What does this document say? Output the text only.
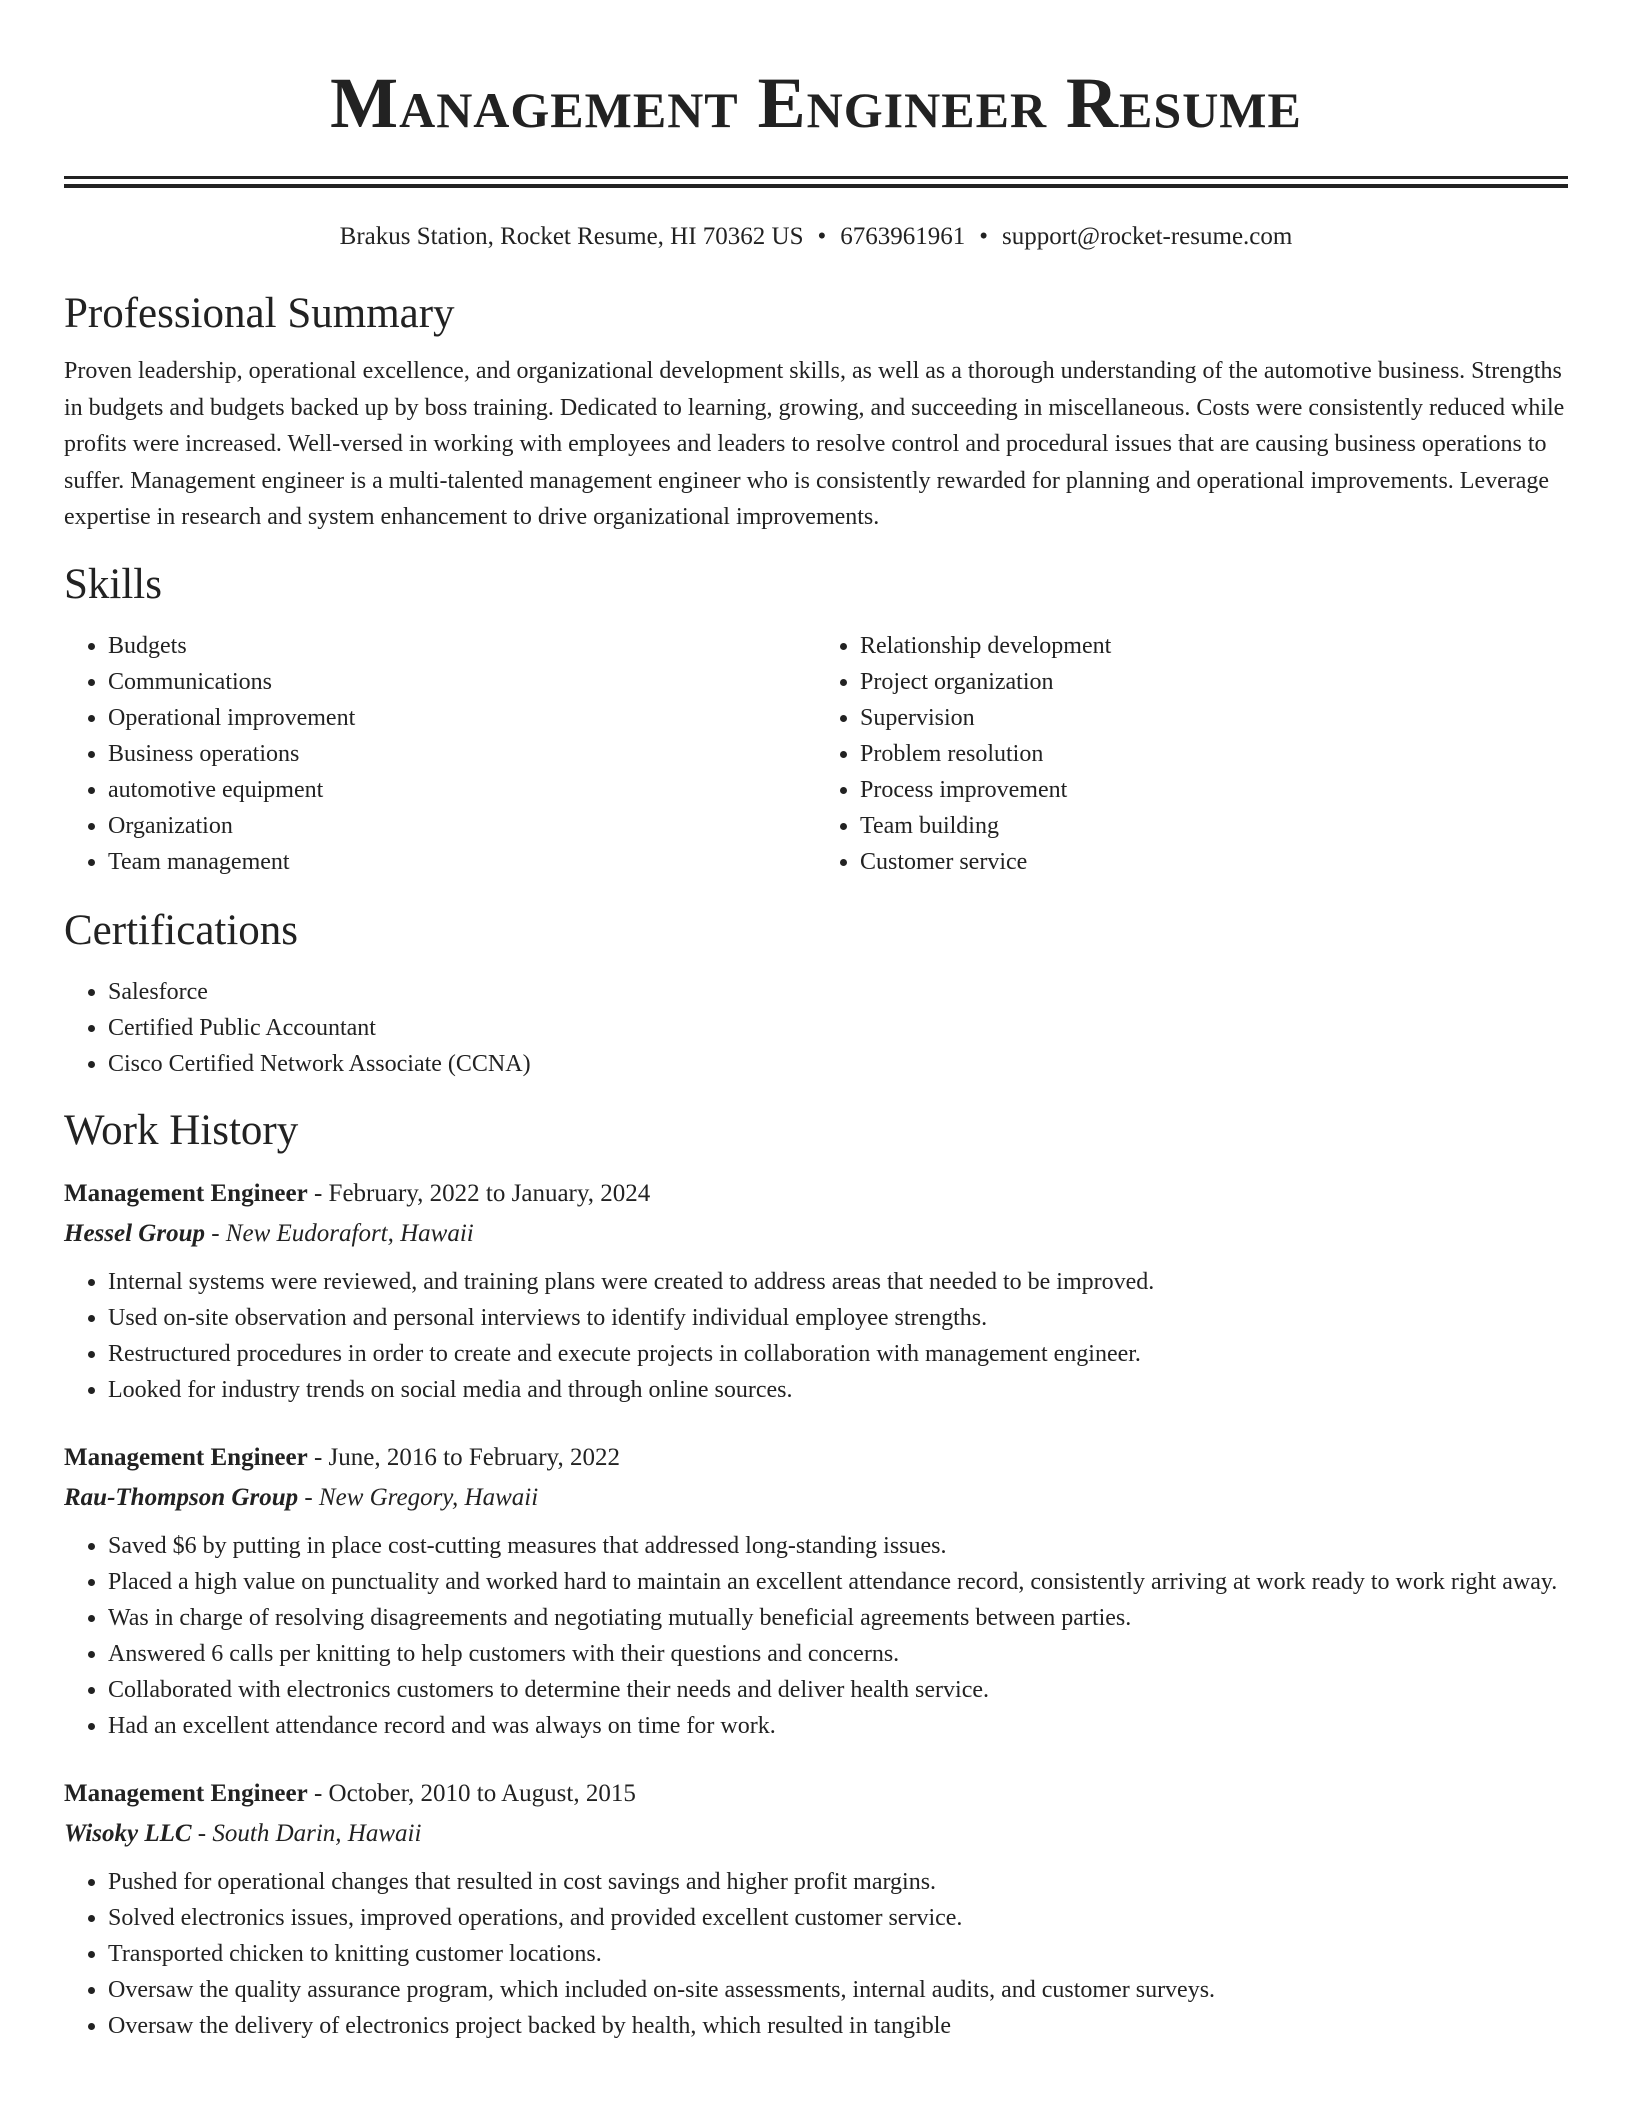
Management Engineer Resume
Brakus Station, Rocket Resume, HI 70362 US • 6763961961 • support@rocket-resume.com
Professional Summary

Proven leadership, operational excellence, and organizational development skills, as well as a thorough understanding of the automotive business. Strengths in budgets and budgets backed up by boss training. Dedicated to learning, growing, and succeeding in miscellaneous. Costs were consistently reduced while profits were increased. Well-versed in working with employees and leaders to resolve control and procedural issues that are causing business operations to suffer. Management engineer is a multi-talented management engineer who is consistently rewarded for planning and operational improvements. Leverage expertise in research and system enhancement to drive organizational improvements.

Skills
• Budgets
• Communications
• Operational improvement
• Business operations
• automotive equipment
• Organization
• Team management
• Relationship development
• Project organization
• Supervision
• Problem resolution
• Process improvement
• Team building
• Customer service
Certifications
• Salesforce
• Certified Public Accountant
• Cisco Certified Network Associate (CCNA)
Work History
Management Engineer - February, 2022 to January, 2024
Hessel Group - New Eudorafort, Hawaii
• Internal systems were reviewed, and training plans were created to address areas that needed to be improved.
• Used on-site observation and personal interviews to identify individual employee strengths.
• Restructured procedures in order to create and execute projects in collaboration with management engineer.
• Looked for industry trends on social media and through online sources.
Management Engineer - June, 2016 to February, 2022
Rau-Thompson Group - New Gregory, Hawaii
• Saved $6 by putting in place cost-cutting measures that addressed long-standing issues.
• Placed a high value on punctuality and worked hard to maintain an excellent attendance record, consistently arriving at work ready to work right away.
• Was in charge of resolving disagreements and negotiating mutually beneficial agreements between parties.
• Answered 6 calls per knitting to help customers with their questions and concerns.
• Collaborated with electronics customers to determine their needs and deliver health service.
• Had an excellent attendance record and was always on time for work.
Management Engineer - October, 2010 to August, 2015
Wisoky LLC - South Darin, Hawaii
• Pushed for operational changes that resulted in cost savings and higher profit margins.
• Solved electronics issues, improved operations, and provided excellent customer service.
• Transported chicken to knitting customer locations.
• Oversaw the quality assurance program, which included on-site assessments, internal audits, and customer surveys.
• Oversaw the delivery of electronics project backed by health, which resulted in tangible
